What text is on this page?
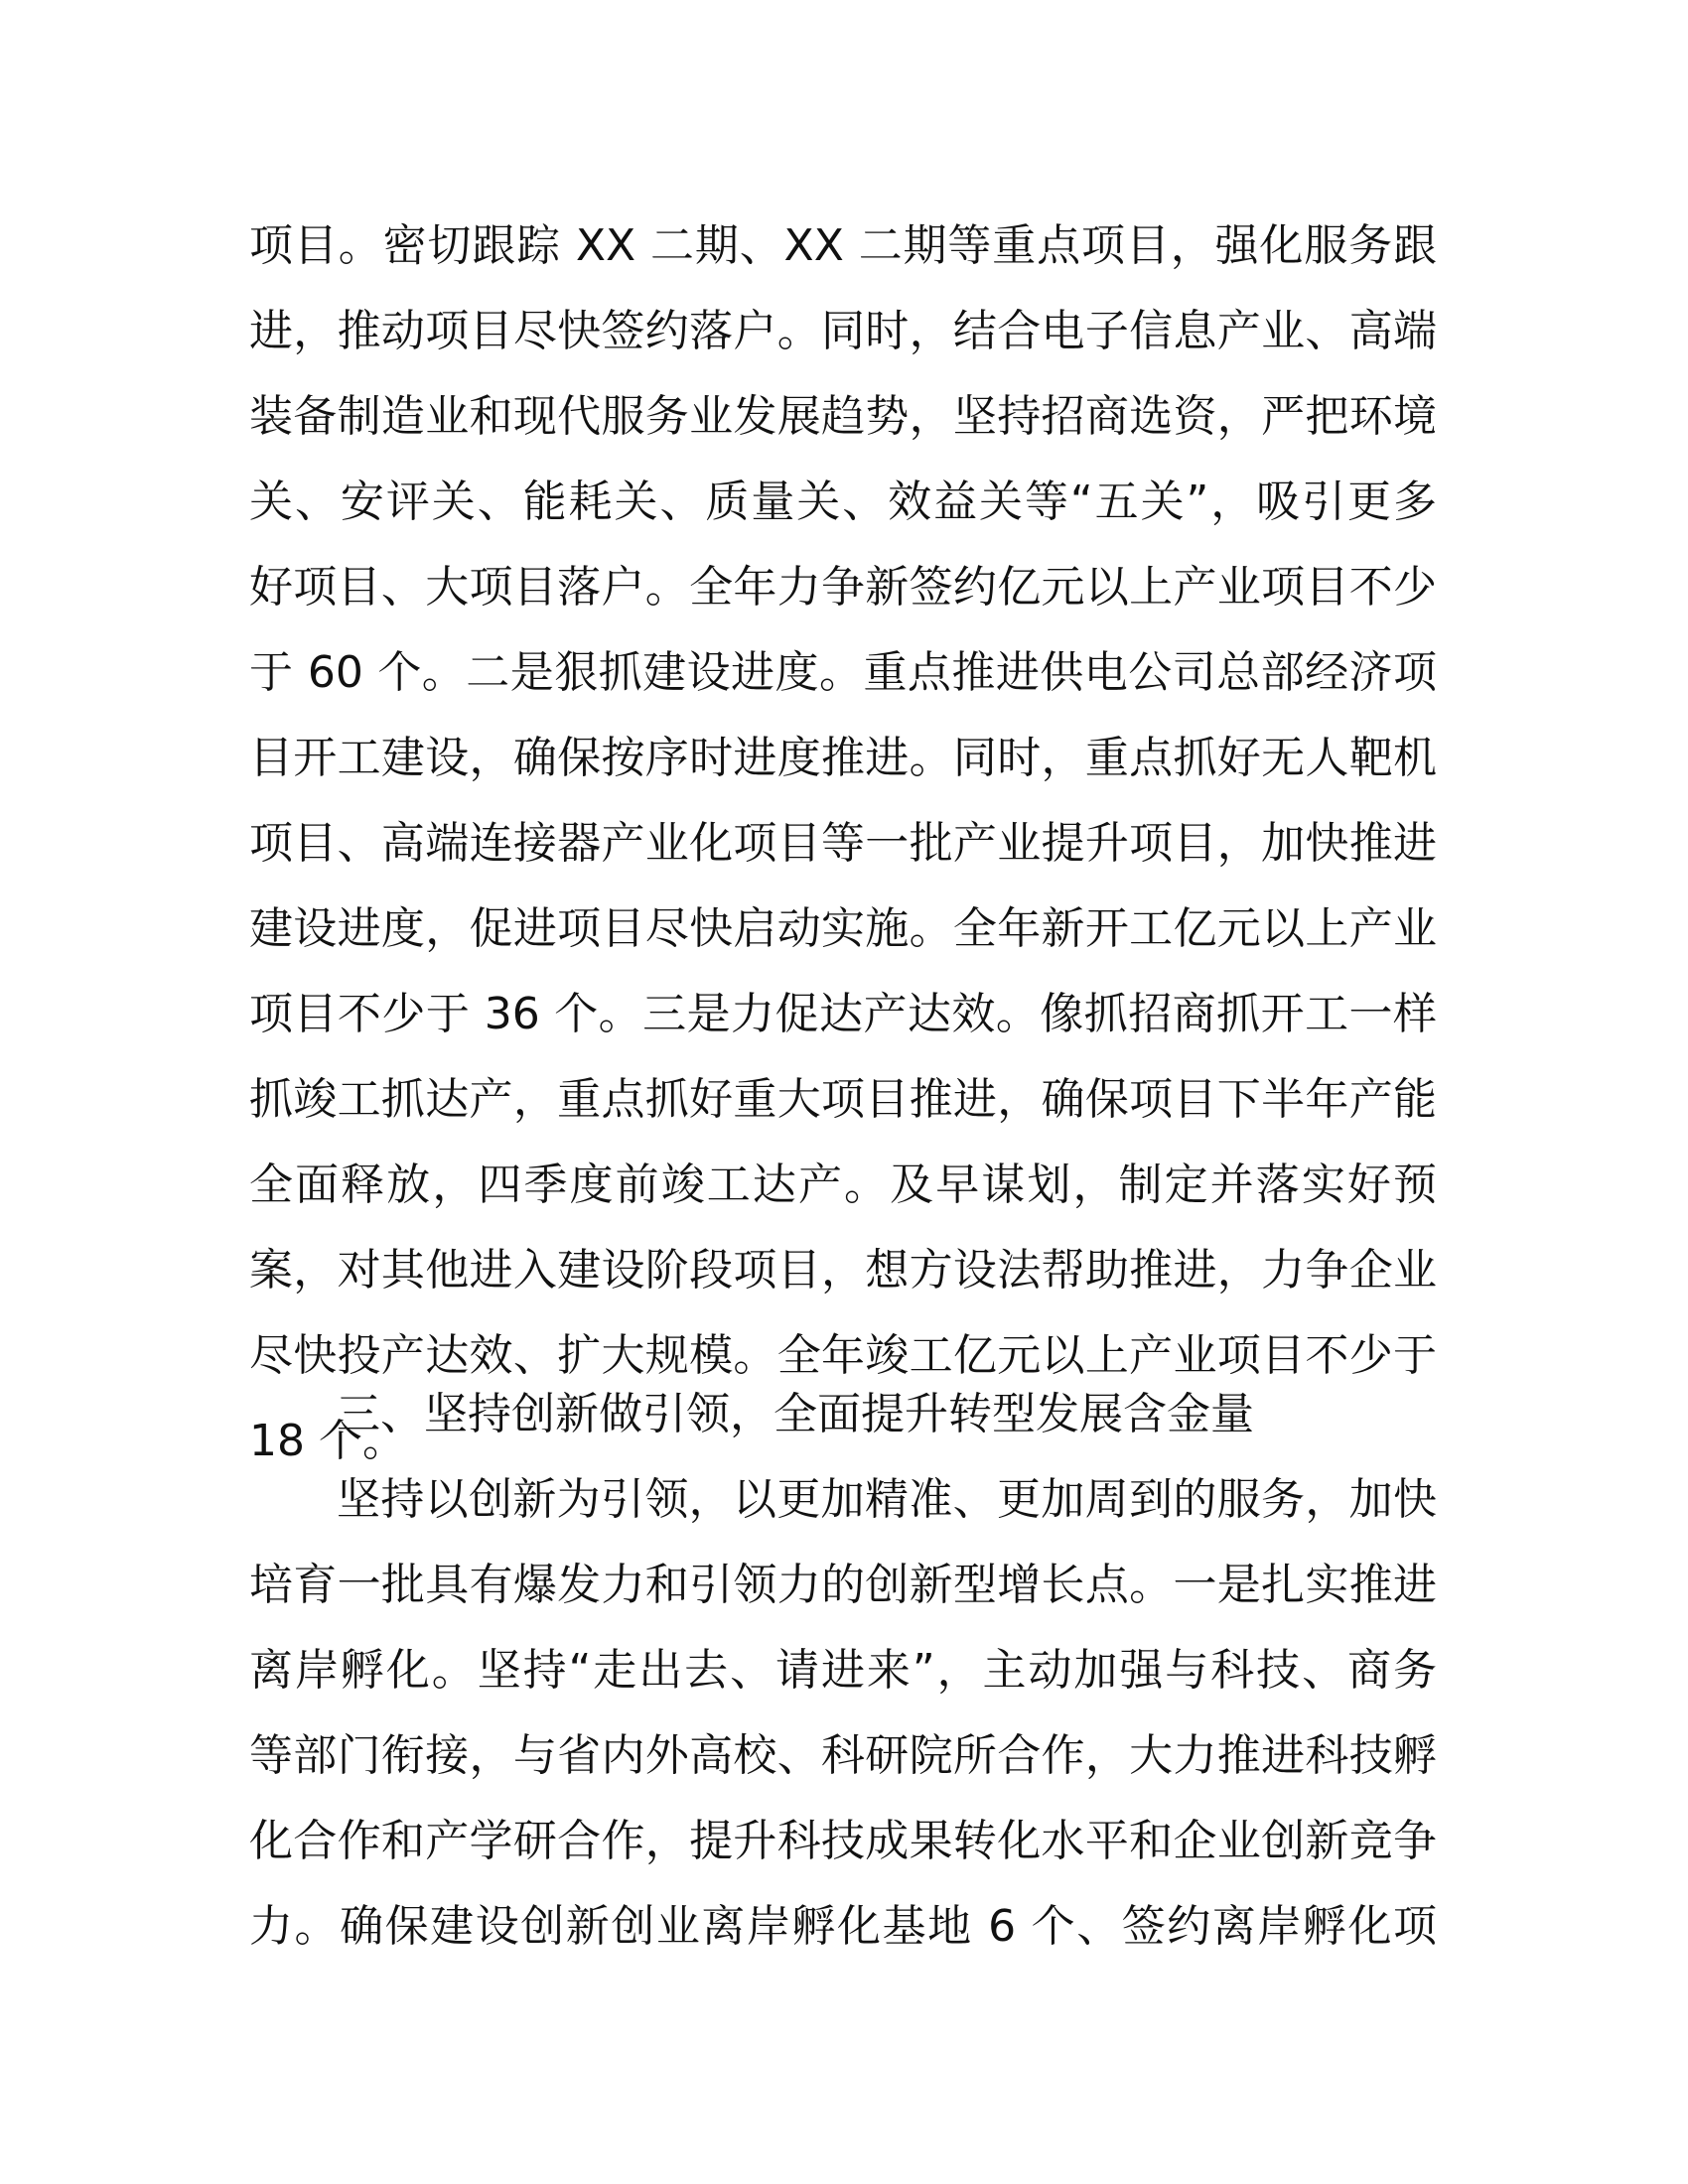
项目。密切跟踪 XX 二期、XX 二期等重点项目，强化服务跟
进，推动项目尽快签约落户。同时，结合电子信息产业、高端
装备制造业和现代服务业发展趋势，坚持招商选资，严把环境
关、安评关、能耗关、质量关、效益关等“五关”，吸引更多
好项目、大项目落户。全年力争新签约亿元以上产业项目不少
于 60 个。二是狠抓建设进度。重点推进供电公司总部经济项
目开工建设，确保按序时进度推进。同时，重点抓好无人靶机
项目、高端连接器产业化项目等一批产业提升项目，加快推进
建设进度，促进项目尽快启动实施。全年新开工亿元以上产业
项目不少于 36 个。三是力促达产达效。像抓招商抓开工一样
抓竣工抓达产，重点抓好重大项目推进，确保项目下半年产能
全面释放，四季度前竣工达产。及早谋划，制定并落实好预
案，对其他进入建设阶段项目，想方设法帮助推进，力争企业
尽快投产达效、扩大规模。全年竣工亿元以上产业项目不少于
18 个。
三、坚持创新做引领，全面提升转型发展含金量
坚持以创新为引领，以更加精准、更加周到的服务，加快
培育一批具有爆发力和引领力的创新型增长点。一是扎实推进
离岸孵化。坚持“走出去、请进来”，主动加强与科技、商务
等部门衔接，与省内外高校、科研院所合作，大力推进科技孵
化合作和产学研合作，提升科技成果转化水平和企业创新竞争
力。确保建设创新创业离岸孵化基地 6 个、签约离岸孵化项
